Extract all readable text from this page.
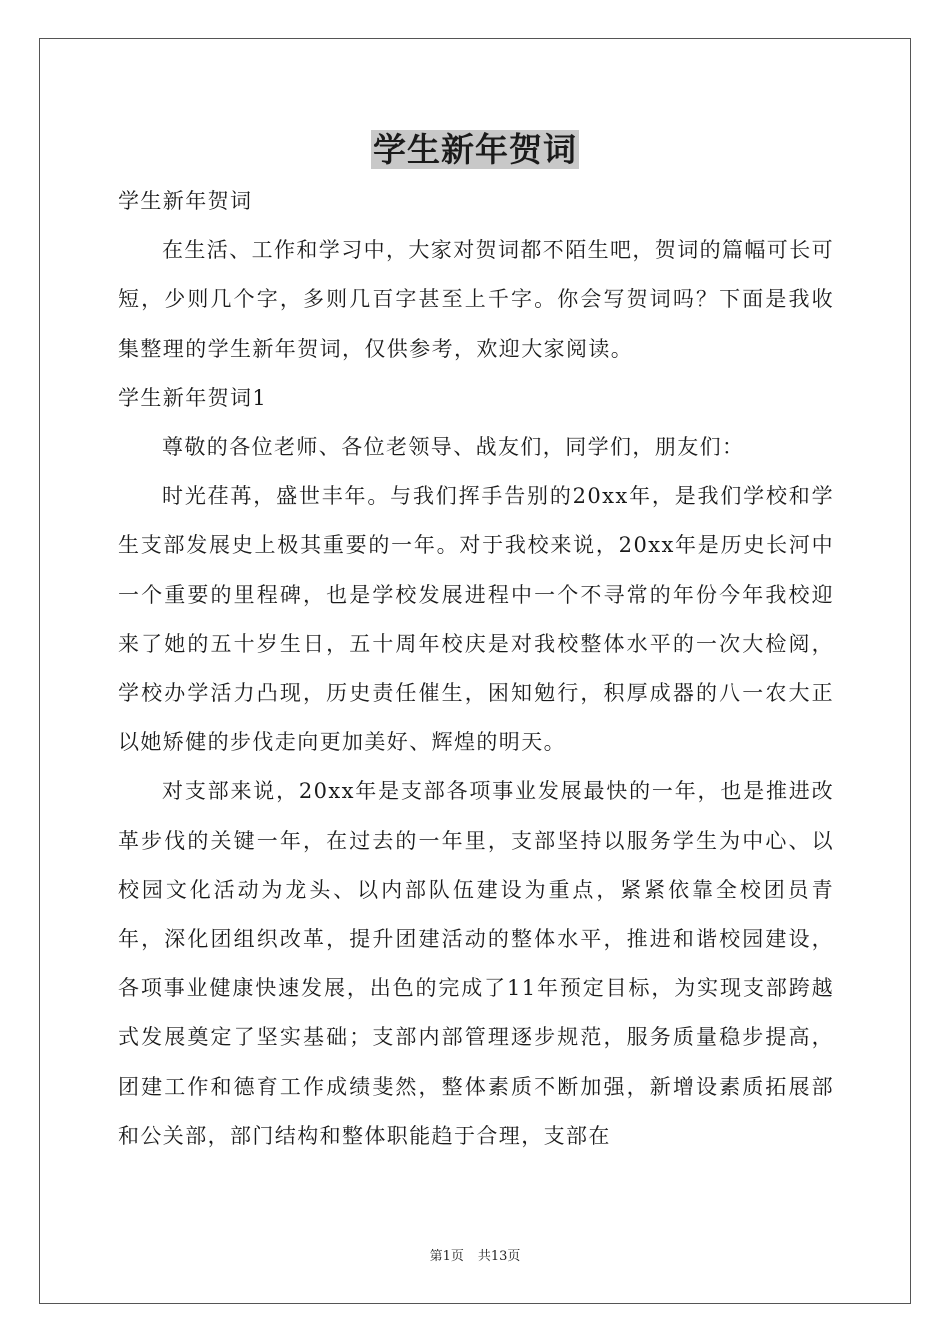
学生新年贺词

学生新年贺词

在生活、工作和学习中，大家对贺词都不陌生吧，贺词的篇幅可长可短，少则几个字，多则几百字甚至上千字。你会写贺词吗？下面是我收集整理的学生新年贺词，仅供参考，欢迎大家阅读。

学生新年贺词1

尊敬的各位老师、各位老领导、战友们，同学们，朋友们：

时光荏苒，盛世丰年。与我们挥手告别的20xx年，是我们学校和学生支部发展史上极其重要的一年。对于我校来说，20xx年是历史长河中一个重要的里程碑，也是学校发展进程中一个不寻常的年份今年我校迎来了她的五十岁生日，五十周年校庆是对我校整体水平的一次大检阅，学校办学活力凸现，历史责任催生，困知勉行，积厚成器的八一农大正以她矫健的步伐走向更加美好、辉煌的明天。

对支部来说，20xx年是支部各项事业发展最快的一年，也是推进改革步伐的关键一年，在过去的一年里，支部坚持以服务学生为中心、以校园文化活动为龙头、以内部队伍建设为重点，紧紧依靠全校团员青年，深化团组织改革，提升团建活动的整体水平，推进和谐校园建设，各项事业健康快速发展，出色的完成了11年预定目标，为实现支部跨越式发展奠定了坚实基础；支部内部管理逐步规范，服务质量稳步提高，团建工作和德育工作成绩斐然，整体素质不断加强，新增设素质拓展部和公关部，部门结构和整体职能趋于合理，支部在

第1页 共13页
